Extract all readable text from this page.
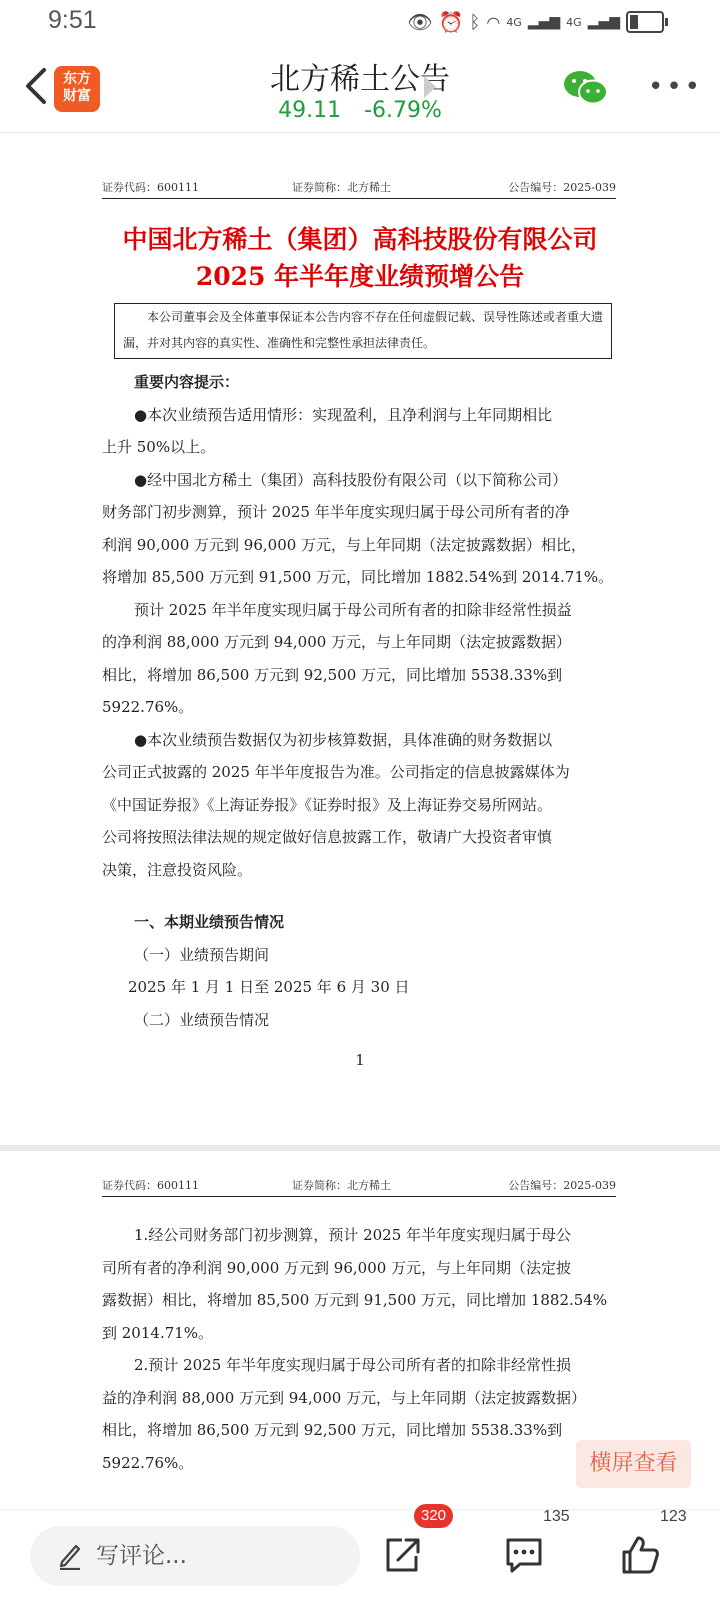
9:51	👁 ⏰ ᛒ ◠ 4G ▂▄▆ 4G ▂▄▆
东方
财富	北方稀土公告
49.11 -6.79%
•••
证券代码：600111	证券简称：北方稀土	公告编号：2025-039
中国北方稀土（集团）高科技股份有限公司
2025 年半年度业绩预增公告
本公司董事会及全体董事保证本公告内容不存在任何虚假记载、误导性陈述或者重大遗漏，并对其内容的真实性、准确性和完整性承担法律责任。
重要内容提示：
●本次业绩预告适用情形：实现盈利，且净利润与上年同期相比
上升 50%以上。
●经中国北方稀土（集团）高科技股份有限公司（以下简称公司）
财务部门初步测算，预计 2025 年半年度实现归属于母公司所有者的净
利润 90,000 万元到 96,000 万元，与上年同期（法定披露数据）相比，
将增加 85,500 万元到 91,500 万元，同比增加 1882.54%到 2014.71%。
预计 2025 年半年度实现归属于母公司所有者的扣除非经常性损益
的净利润 88,000 万元到 94,000 万元，与上年同期（法定披露数据）
相比，将增加 86,500 万元到 92,500 万元，同比增加 5538.33%到
5922.76%。
●本次业绩预告数据仅为初步核算数据，具体准确的财务数据以
公司正式披露的 2025 年半年度报告为准。公司指定的信息披露媒体为
《中国证券报》《上海证券报》《证券时报》及上海证券交易所网站。
公司将按照法律法规的规定做好信息披露工作，敬请广大投资者审慎
决策，注意投资风险。
一、本期业绩预告情况
（一）业绩预告期间
2025 年 1 月 1 日至 2025 年 6 月 30 日
（二）业绩预告情况
1
证券代码：600111	证券简称：北方稀土	公告编号：2025-039
1.经公司财务部门初步测算，预计 2025 年半年度实现归属于母公
司所有者的净利润 90,000 万元到 96,000 万元，与上年同期（法定披
露数据）相比，将增加 85,500 万元到 91,500 万元，同比增加 1882.54%
到 2014.71%。
2.预计 2025 年半年度实现归属于母公司所有者的扣除非经常性损
益的净利润 88,000 万元到 94,000 万元，与上年同期（法定披露数据）
相比，将增加 86,500 万元到 92,500 万元，同比增加 5538.33%到
5922.76%。	横屏查看
写评论...
320	135	123
